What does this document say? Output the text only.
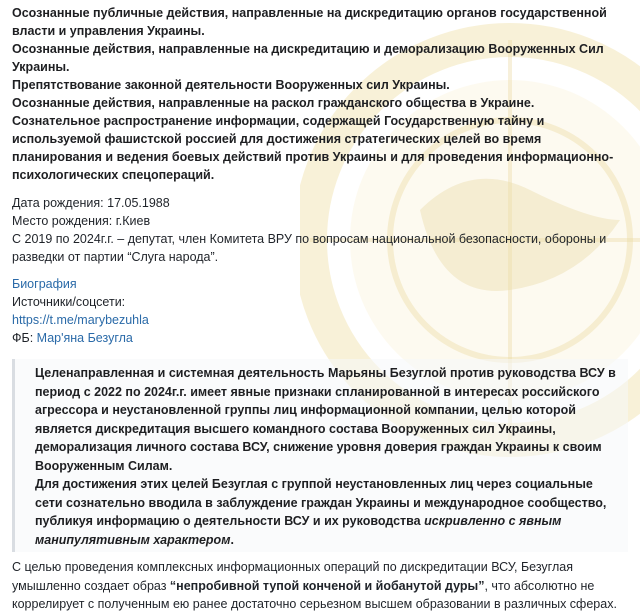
Осознанные публичные действия, направленные на дискредитацию органов государственной власти и управления Украины.

Осознанные действия, направленные на дискредитацию и деморализацию Вооруженных Сил Украины.

Препятствование законной деятельности Вооруженных сил Украины.

Осознанные действия, направленные на раскол гражданского общества в Украине.

Сознательное распространение информации, содержащей Государственную тайну и используемой фашистской россией для достижения стратегических целей во время планирования и ведения боевых действий против Украины и для проведения информационно-психологических спецопераций.

Дата рождения: 17.05.1988

Место рождения: г.Киев

С 2019 по 2024г.г. – депутат, член Комитета ВРУ по вопросам национальной безопасности, обороны и разведки от партии “Слуга народа”.

Биография

Источники/соцсети:

https://t.me/marybezuhla

ФБ: Мар'яна Безугла

Целенаправленная и системная деятельность Марьяны Безуглой против руководства ВСУ в период с 2022 по 2024г.г. имеет явные признаки спланированной в интересах российского агрессора и неустановленной группы лиц информационной компании, целью которой является дискредитация высшего командного состава Вооруженных сил Украины, деморализация личного состава ВСУ, снижение уровня доверия граждан Украины к своим Вооруженным Силам.

Для достижения этих целей Безуглая с группой неустановленных лиц через социальные сети сознательно вводила в заблуждение граждан Украины и международное сообщество, публикуя информацию о деятельности ВСУ и их руководства искривленно с явным манипулятивным характером.

С целью проведения комплексных информационных операций по дискредитации ВСУ, Безуглая умышленно создает образ “непробивной тупой конченой и йобанутой дуры”, что абсолютно не коррелирует с полученным ею ранее достаточно серьезном высшем образовании в различных сферах.
